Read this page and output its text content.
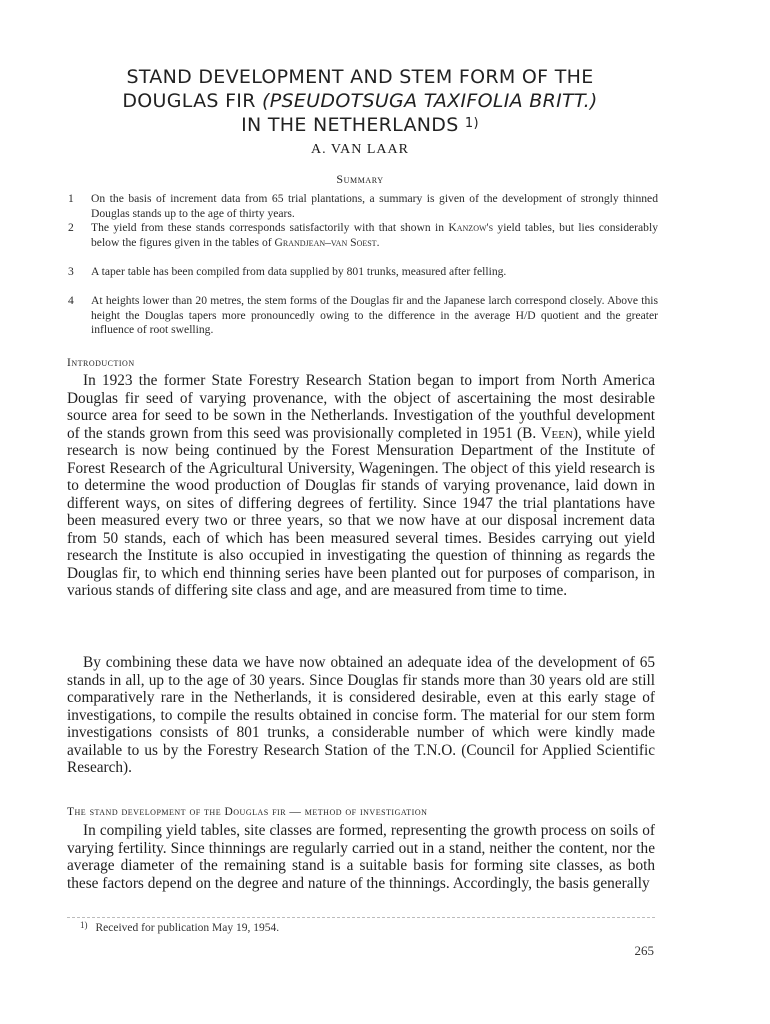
STAND DEVELOPMENT AND STEM FORM OF THE
DOUGLAS FIR (PSEUDOTSUGA TAXIFOLIA BRITT.)
IN THE NETHERLANDS $^{1)}$
A. VAN LAAR
Summary
1	On the basis of increment data from 65 trial plantations, a summary is given of the development of strongly thinned Douglas stands up to the age of thirty years.
2	The yield from these stands corresponds satisfactorily with that shown in Kanzow's yield tables, but lies considerably below the figures given in the tables of Grandjean–van Soest.
3	A taper table has been compiled from data supplied by 801 trunks, measured after felling.
4	At heights lower than 20 metres, the stem forms of the Douglas fir and the Japanese larch correspond closely. Above this height the Douglas tapers more pronouncedly owing to the difference in the average H/D quotient and the greater influence of root swelling.
Introduction

In 1923 the former State Forestry Research Station began to import from North America Douglas fir seed of varying provenance, with the object of ascertaining the most desirable source area for seed to be sown in the Netherlands. Investigation of the youthful development of the stands grown from this seed was provisionally completed in 1951 (B. Veen), while yield research is now being continued by the Forest Mensuration Department of the Institute of Forest Research of the Agricultural University, Wageningen. The object of this yield research is to determine the wood production of Douglas fir stands of varying provenance, laid down in different ways, on sites of differing degrees of fertility. Since 1947 the trial plantations have been measured every two or three years, so that we now have at our disposal increment data from 50 stands, each of which has been measured several times. Besides carrying out yield research the Institute is also occupied in investigating the question of thinning as regards the Douglas fir, to which end thinning series have been planted out for purposes of comparison, in various stands of differing site class and age, and are measured from time to time.

By combining these data we have now obtained an adequate idea of the development of 65 stands in all, up to the age of 30 years. Since Douglas fir stands more than 30 years old are still comparatively rare in the Netherlands, it is considered desirable, even at this early stage of investigations, to compile the results obtained in concise form. The material for our stem form investigations consists of 801 trunks, a considerable number of which were kindly made available to us by the Forestry Research Station of the T.N.O. (Council for Applied Scientific Research).

The stand development of the Douglas fir — method of investigation

In compiling yield tables, site classes are formed, representing the growth process on soils of varying fertility. Since thinnings are regularly carried out in a stand, neither the content, nor the average diameter of the remaining stand is a suitable basis for forming site classes, as both these factors depend on the degree and nature of the thinnings. Accordingly, the basis generally

$^{1)}$ Received for publication May 19, 1954.
265
